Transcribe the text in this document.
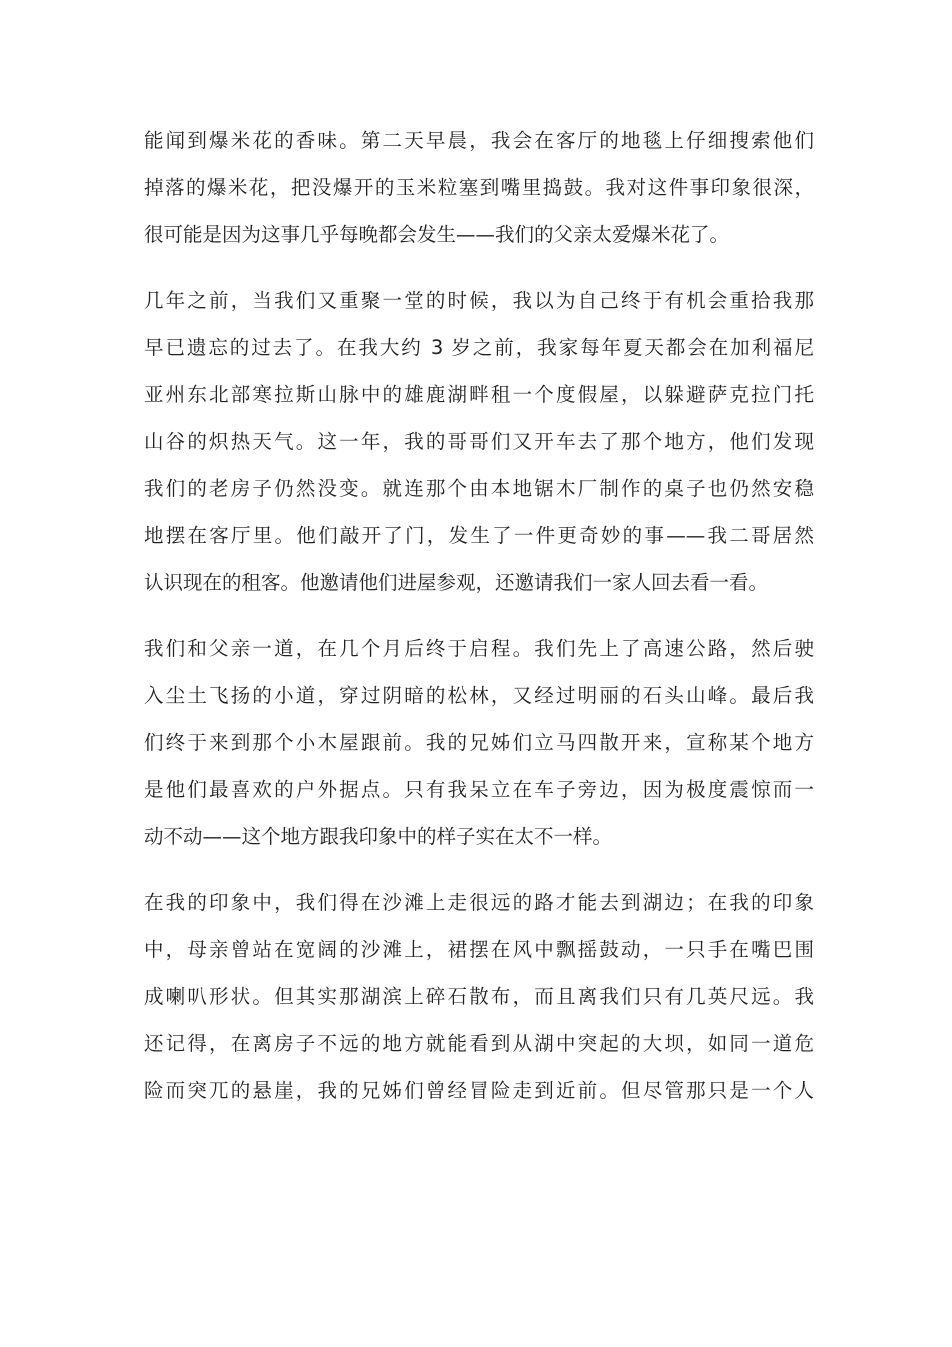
能闻到爆米花的香味。第二天早晨，我会在客厅的地毯上仔细搜索他们
掉落的爆米花，把没爆开的玉米粒塞到嘴里捣鼓。我对这件事印象很深，
很可能是因为这事几乎每晚都会发生——我们的父亲太爱爆米花了。

几年之前，当我们又重聚一堂的时候，我以为自己终于有机会重拾我那
早已遗忘的过去了。在我大约 3 岁之前，我家每年夏天都会在加利福尼
亚州东北部寒拉斯山脉中的雄鹿湖畔租一个度假屋，以躲避萨克拉门托
山谷的炽热天气。这一年，我的哥哥们又开车去了那个地方，他们发现
我们的老房子仍然没变。就连那个由本地锯木厂制作的桌子也仍然安稳
地摆在客厅里。他们敲开了门，发生了一件更奇妙的事——我二哥居然
认识现在的租客。他邀请他们进屋参观，还邀请我们一家人回去看一看。

我们和父亲一道，在几个月后终于启程。我们先上了高速公路，然后驶
入尘土飞扬的小道，穿过阴暗的松林，又经过明丽的石头山峰。最后我
们终于来到那个小木屋跟前。我的兄姊们立马四散开来，宣称某个地方
是他们最喜欢的户外据点。只有我呆立在车子旁边，因为极度震惊而一
动不动——这个地方跟我印象中的样子实在太不一样。

在我的印象中，我们得在沙滩上走很远的路才能去到湖边；在我的印象
中，母亲曾站在宽阔的沙滩上，裙摆在风中飘摇鼓动，一只手在嘴巴围
成喇叭形状。但其实那湖滨上碎石散布，而且离我们只有几英尺远。我
还记得，在离房子不远的地方就能看到从湖中突起的大坝，如同一道危
险而突兀的悬崖，我的兄姊们曾经冒险走到近前。但尽管那只是一个人
